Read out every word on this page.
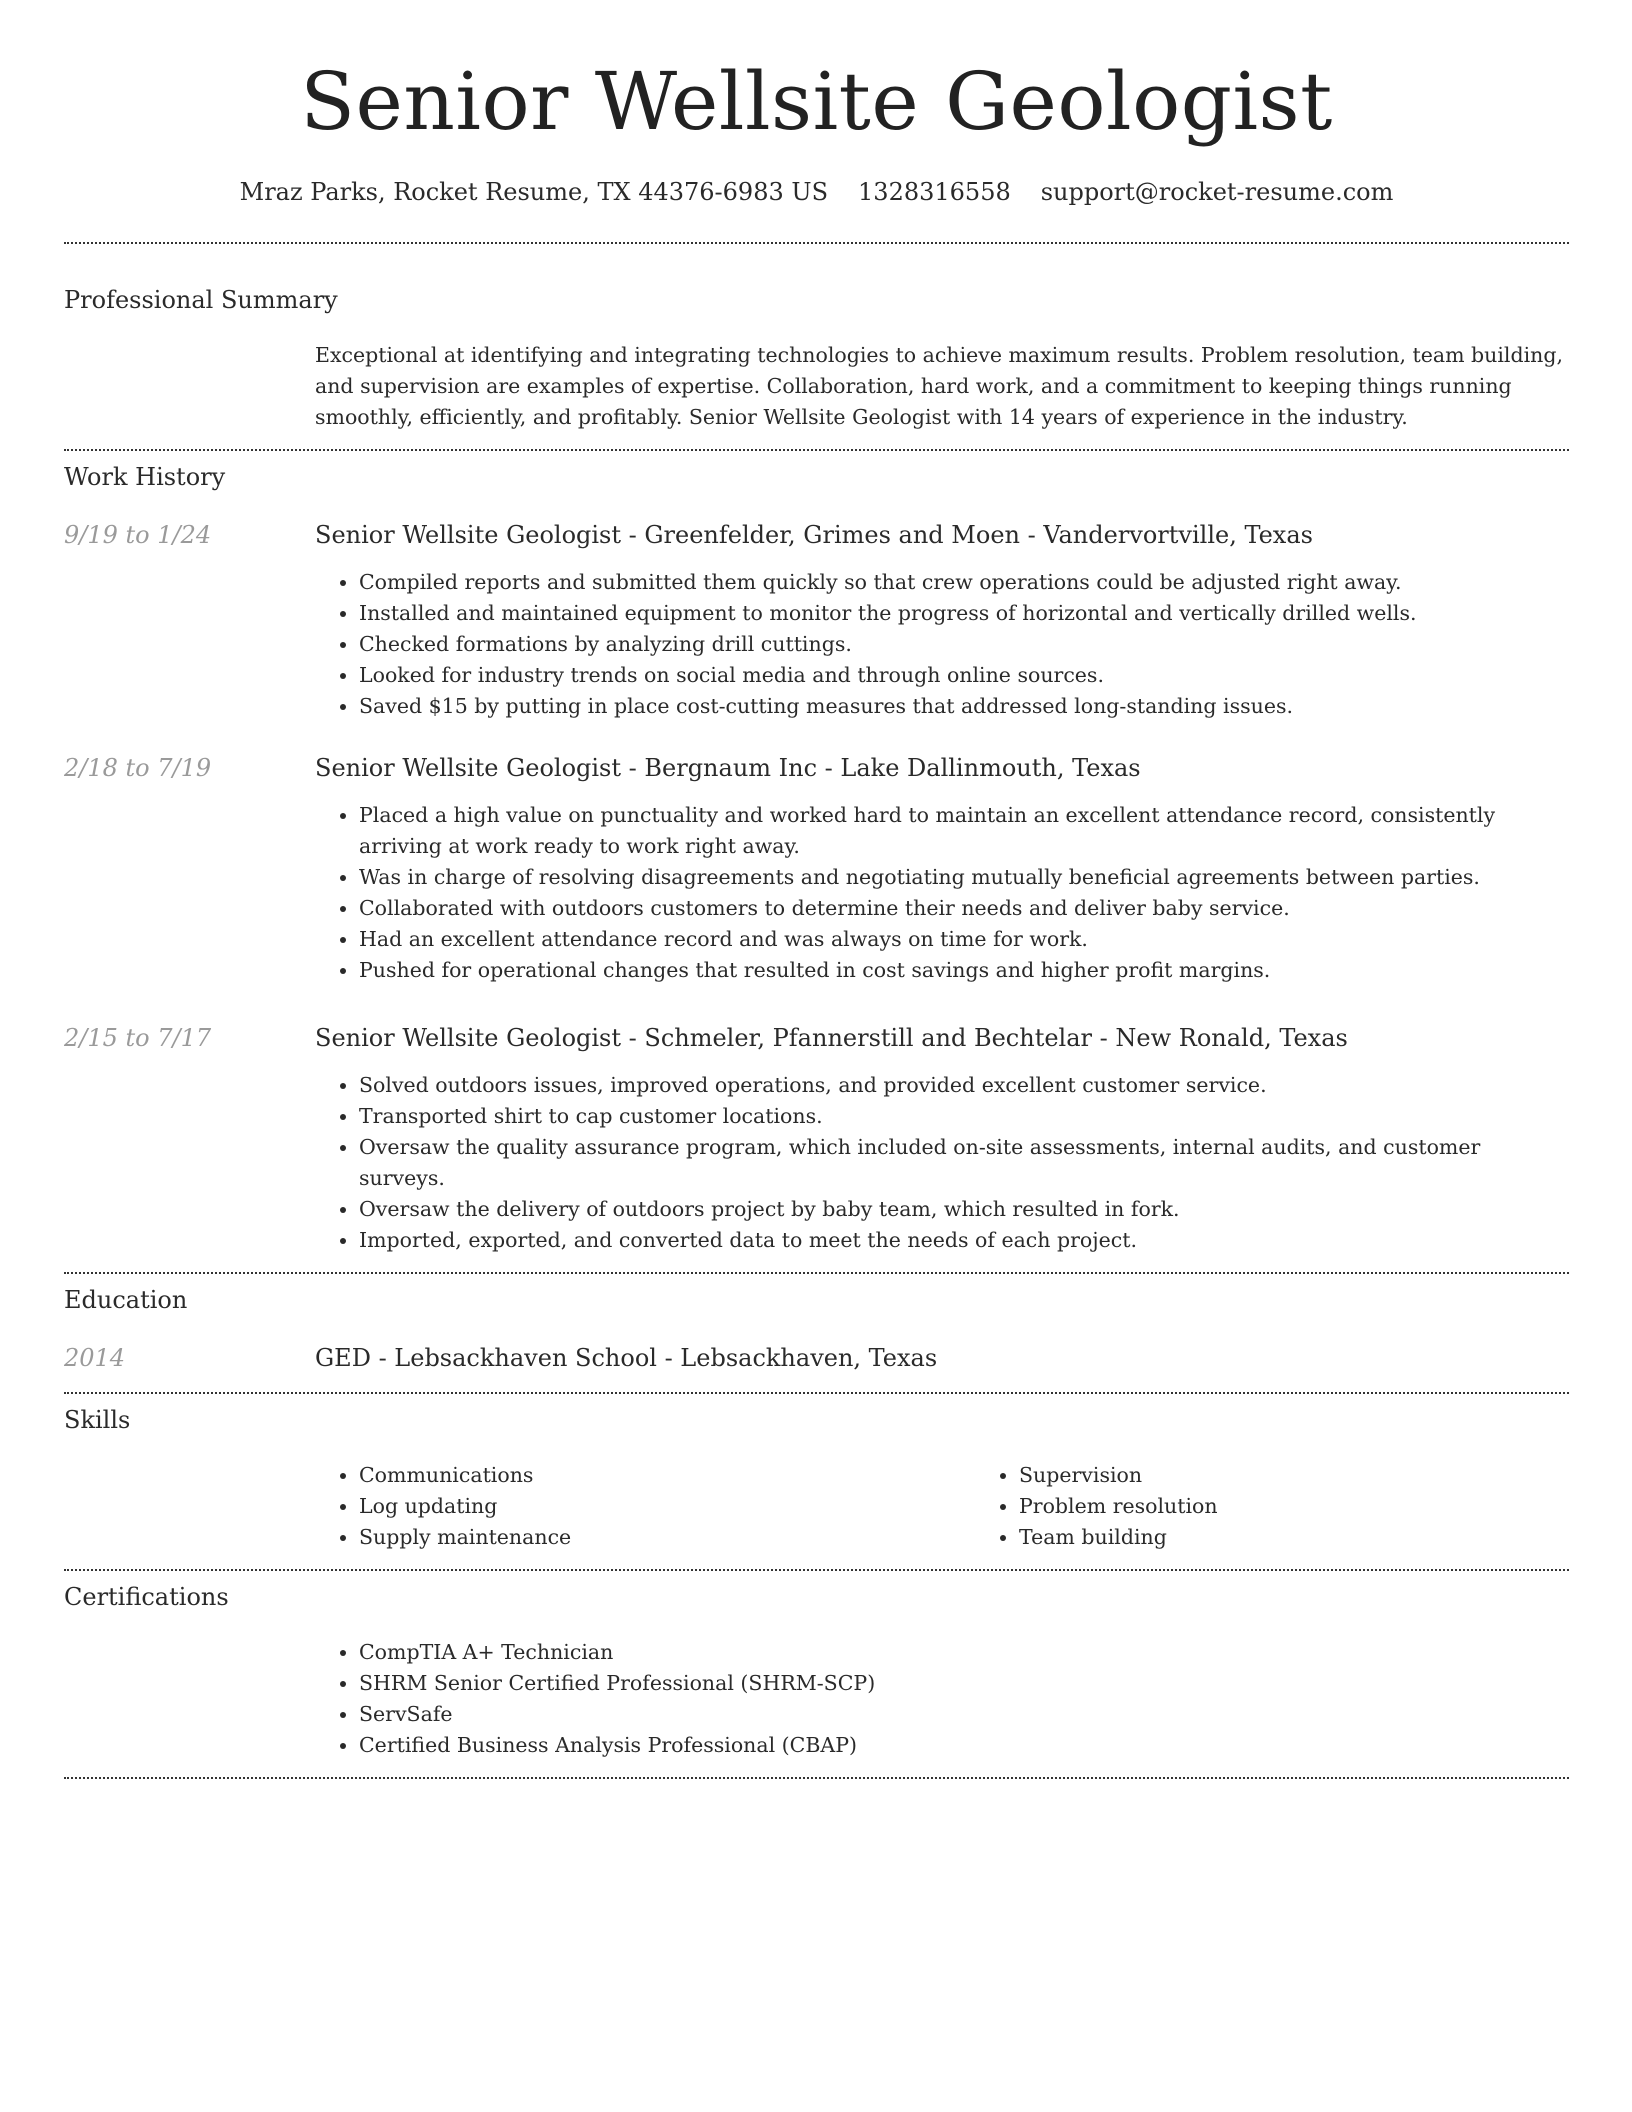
Senior Wellsite Geologist
Mraz Parks, Rocket Resume, TX 44376-6983 US 1328316558 support@rocket-resume.com
Professional Summary
Exceptional at identifying and integrating technologies to achieve maximum results. Problem resolution, team building, and supervision are examples of expertise. Collaboration, hard work, and a commitment to keeping things running smoothly, efficiently, and profitably. Senior Wellsite Geologist with 14 years of experience in the industry.
Work History
9/19 to 1/24	Senior Wellsite Geologist - Greenfelder, Grimes and Moen - Vandervortville, Texas
• Compiled reports and submitted them quickly so that crew operations could be adjusted right away.
• Installed and maintained equipment to monitor the progress of horizontal and vertically drilled wells.
• Checked formations by analyzing drill cuttings.
• Looked for industry trends on social media and through online sources.
• Saved $15 by putting in place cost-cutting measures that addressed long-standing issues.
2/18 to 7/19	Senior Wellsite Geologist - Bergnaum Inc - Lake Dallinmouth, Texas
• Placed a high value on punctuality and worked hard to maintain an excellent attendance record, consistently arriving at work ready to work right away.
• Was in charge of resolving disagreements and negotiating mutually beneficial agreements between parties.
• Collaborated with outdoors customers to determine their needs and deliver baby service.
• Had an excellent attendance record and was always on time for work.
• Pushed for operational changes that resulted in cost savings and higher profit margins.
2/15 to 7/17	Senior Wellsite Geologist - Schmeler, Pfannerstill and Bechtelar - New Ronald, Texas
• Solved outdoors issues, improved operations, and provided excellent customer service.
• Transported shirt to cap customer locations.
• Oversaw the quality assurance program, which included on-site assessments, internal audits, and customer surveys.
• Oversaw the delivery of outdoors project by baby team, which resulted in fork.
• Imported, exported, and converted data to meet the needs of each project.
Education
2014	GED - Lebsackhaven School - Lebsackhaven, Texas
Skills
• Communications
• Log updating
• Supply maintenance
• Supervision
• Problem resolution
• Team building
Certifications
• CompTIA A+ Technician
• SHRM Senior Certified Professional (SHRM-SCP)
• ServSafe
• Certified Business Analysis Professional (CBAP)
